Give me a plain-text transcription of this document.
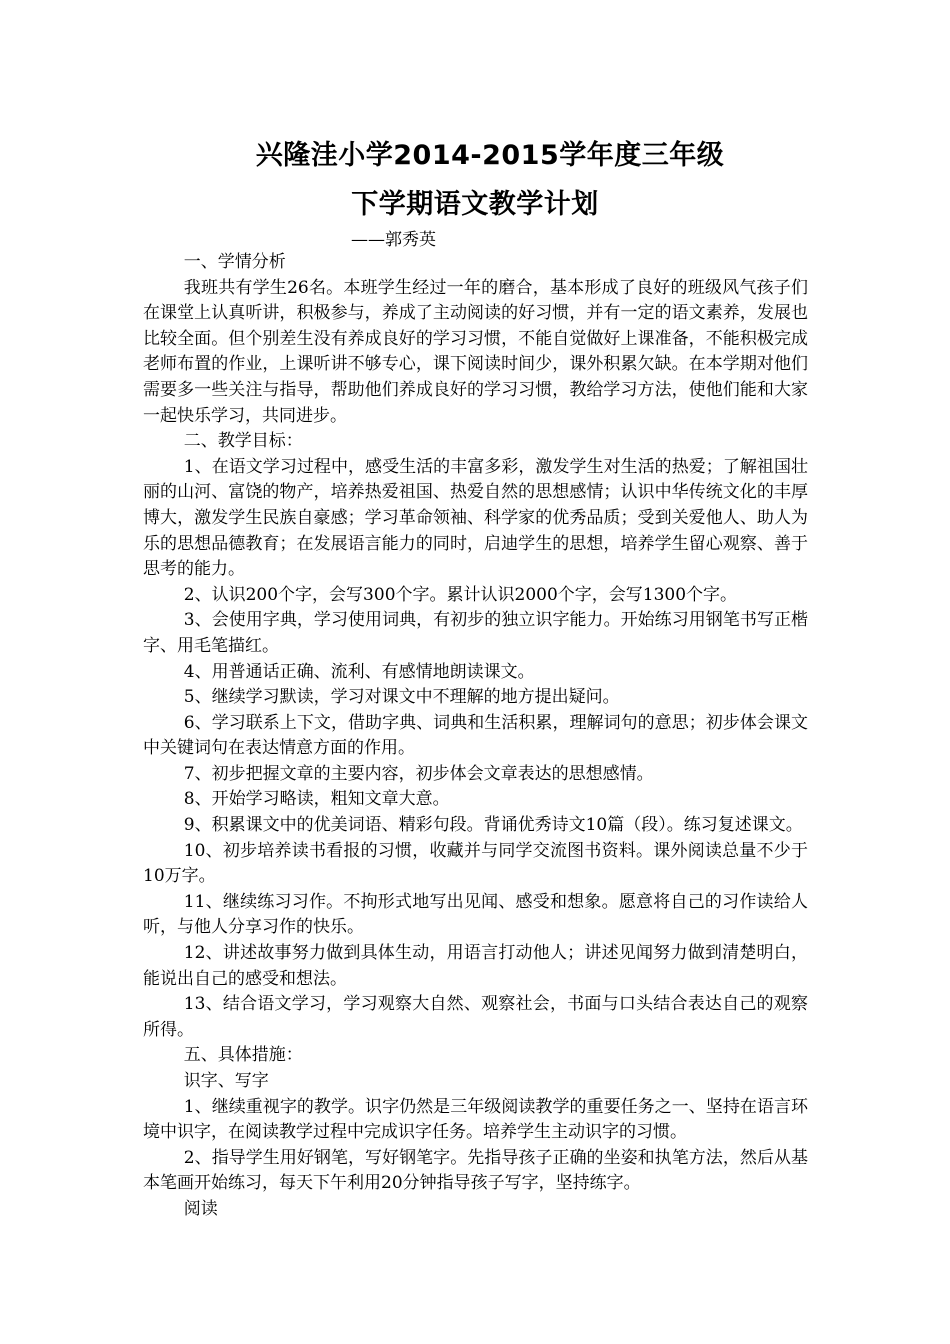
兴隆洼小学2014-2015学年度三年级
下学期语文教学计划
——郭秀英

一、学情分析

我班共有学生26名。本班学生经过一年的磨合，基本形成了良好的班级风气孩子们在课堂上认真听讲，积极参与，养成了主动阅读的好习惯，并有一定的语文素养，发展也比较全面。但个别差生没有养成良好的学习习惯，不能自觉做好上课准备，不能积极完成老师布置的作业，上课听讲不够专心，课下阅读时间少，课外积累欠缺。在本学期对他们需要多一些关注与指导，帮助他们养成良好的学习习惯，教给学习方法，使他们能和大家一起快乐学习，共同进步。

二、教学目标：

1、在语文学习过程中，感受生活的丰富多彩，激发学生对生活的热爱；了解祖国壮丽的山河、富饶的物产，培养热爱祖国、热爱自然的思想感情；认识中华传统文化的丰厚博大，激发学生民族自豪感；学习革命领袖、科学家的优秀品质；受到关爱他人、助人为乐的思想品德教育；在发展语言能力的同时，启迪学生的思想，培养学生留心观察、善于思考的能力。

2、认识200个字，会写300个字。累计认识2000个字，会写1300个字。

3、会使用字典，学习使用词典，有初步的独立识字能力。开始练习用钢笔书写正楷字、用毛笔描红。

4、用普通话正确、流利、有感情地朗读课文。

5、继续学习默读，学习对课文中不理解的地方提出疑问。

6、学习联系上下文，借助字典、词典和生活积累，理解词句的意思；初步体会课文中关键词句在表达情意方面的作用。

7、初步把握文章的主要内容，初步体会文章表达的思想感情。

8、开始学习略读，粗知文章大意。

9、积累课文中的优美词语、精彩句段。背诵优秀诗文10篇（段）。练习复述课文。

10、初步培养读书看报的习惯，收藏并与同学交流图书资料。课外阅读总量不少于10万字。

11、继续练习习作。不拘形式地写出见闻、感受和想象。愿意将自己的习作读给人听，与他人分享习作的快乐。

12、讲述故事努力做到具体生动，用语言打动他人；讲述见闻努力做到清楚明白，能说出自己的感受和想法。

13、结合语文学习，学习观察大自然、观察社会，书面与口头结合表达自己的观察所得。

五、具体措施：

识字、写字

1、继续重视字的教学。识字仍然是三年级阅读教学的重要任务之一、坚持在语言环境中识字，在阅读教学过程中完成识字任务。培养学生主动识字的习惯。

2、指导学生用好钢笔，写好钢笔字。先指导孩子正确的坐姿和执笔方法，然后从基本笔画开始练习，每天下午利用20分钟指导孩子写字，坚持练字。

阅读
